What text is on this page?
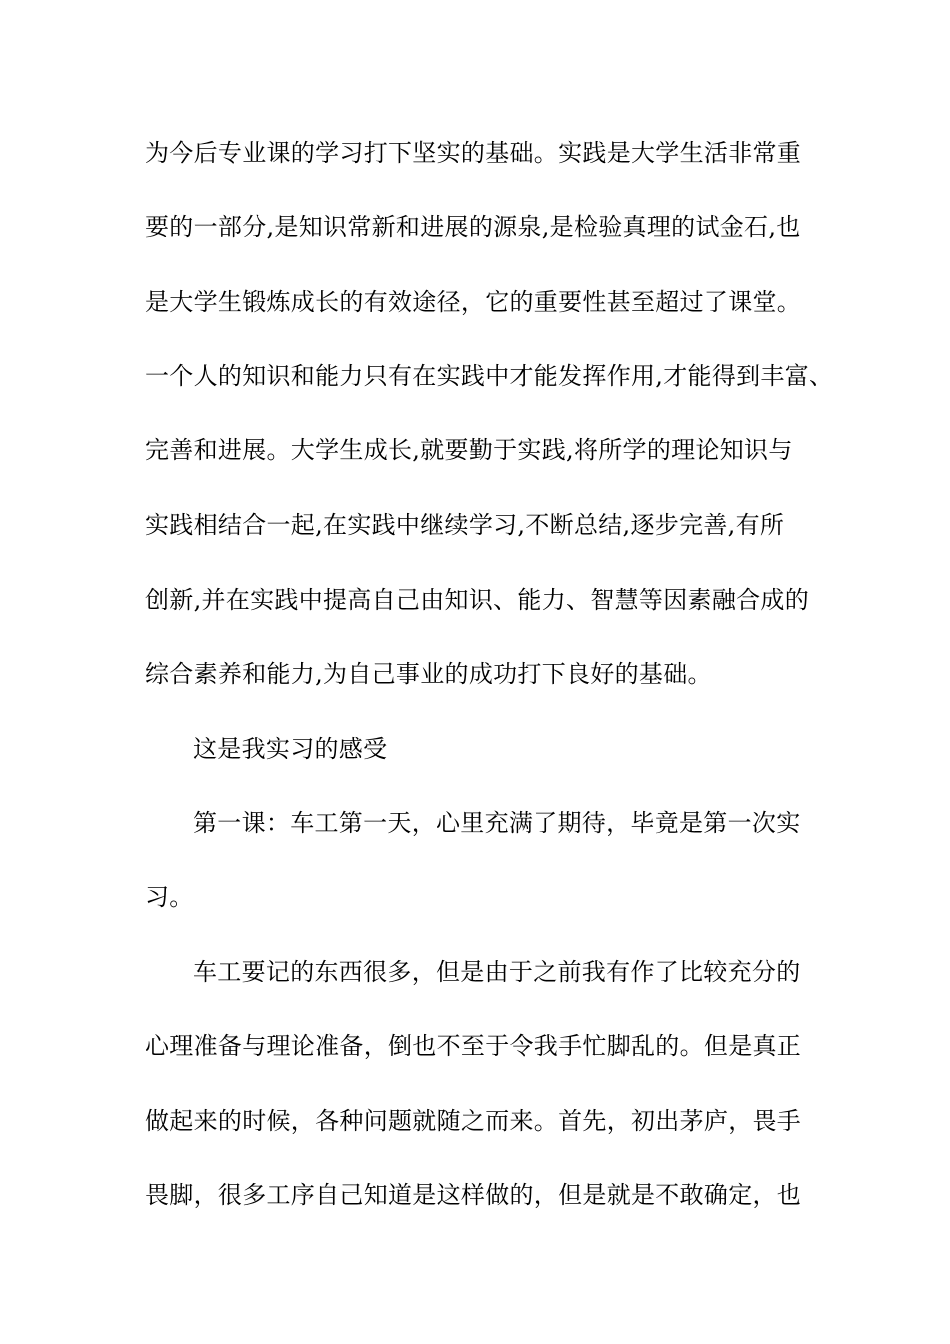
为今后专业课的学习打下坚实的基础。实践是大学生活非常重
要的一部分,是知识常新和进展的源泉,是检验真理的试金石,也
是大学生锻炼成长的有效途径，它的重要性甚至超过了课堂。
一个人的知识和能力只有在实践中才能发挥作用,才能得到丰富、
完善和进展。大学生成长,就要勤于实践,将所学的理论知识与
实践相结合一起,在实践中继续学习,不断总结,逐步完善,有所
创新,并在实践中提高自己由知识、能力、智慧等因素融合成的
综合素养和能力,为自己事业的成功打下良好的基础。
这是我实习的感受
第一课：车工第一天，心里充满了期待，毕竟是第一次实
习。
车工要记的东西很多，但是由于之前我有作了比较充分的
心理准备与理论准备，倒也不至于令我手忙脚乱的。但是真正
做起来的时候，各种问题就随之而来。首先，初出茅庐，畏手
畏脚，很多工序自己知道是这样做的，但是就是不敢确定，也
